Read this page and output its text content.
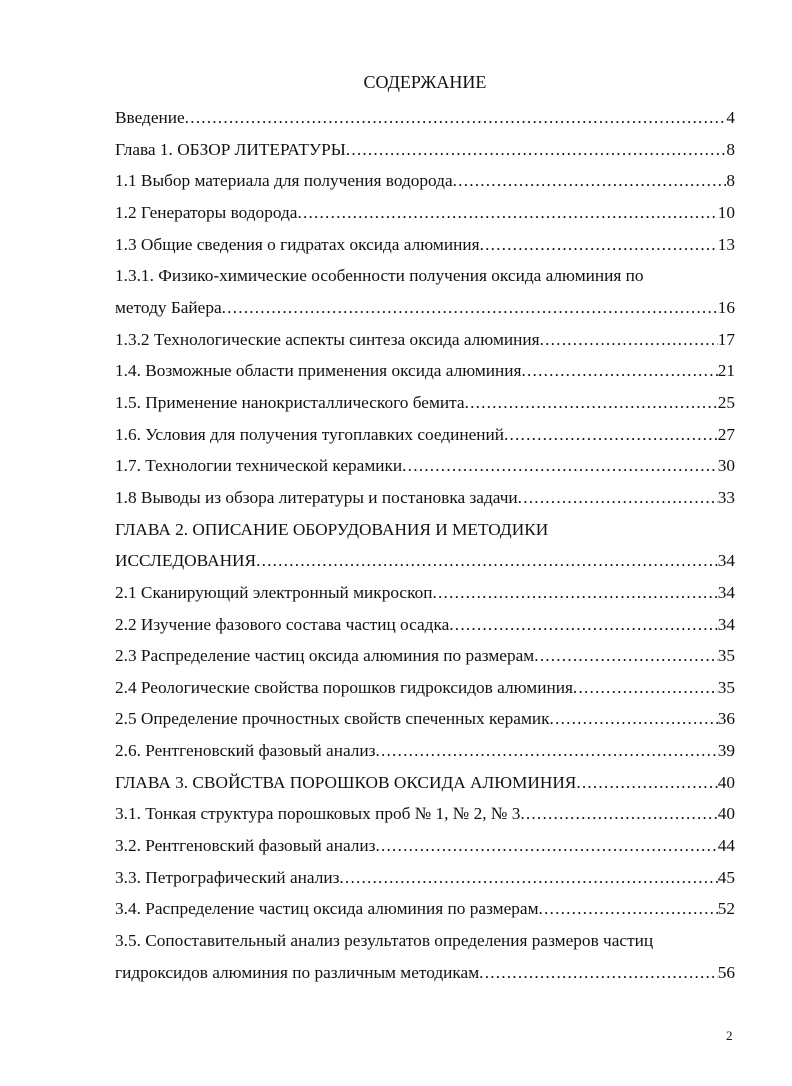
СОДЕРЖАНИЕ
Введение .....	4
Глава 1. ОБЗОР ЛИТЕРАТУРЫ .....	8
1.1 Выбор материала для получения водорода .....	8
1.2 Генераторы водорода .....	10
1.3 Общие сведения о гидратах оксида алюминия .....	13
1.3.1. Физико-химические особенности получения оксида алюминия по
методу Байера .....	16
1.3.2 Технологические аспекты синтеза оксида алюминия .....	17
1.4. Возможные области применения оксида алюминия .....	21
1.5. Применение нанокристаллического бемита .....	25
1.6. Условия для получения тугоплавких соединений .....	27
1.7. Технологии технической керамики .....	30
1.8 Выводы из обзора литературы и постановка задачи .....	33
ГЛАВА 2. ОПИСАНИЕ ОБОРУДОВАНИЯ И МЕТОДИКИ
ИССЛЕДОВАНИЯ .....	34
2.1 Сканирующий электронный микроскоп .....	34
2.2 Изучение фазового состава частиц осадка .....	34
2.3 Распределение частиц оксида алюминия по размерам .....	35
2.4 Реологические свойства порошков гидроксидов алюминия .....	35
2.5 Определение прочностных свойств спеченных керамик .....	36
2.6. Рентгеновский фазовый анализ .....	39
ГЛАВА 3. СВОЙСТВА ПОРОШКОВ ОКСИДА АЛЮМИНИЯ .....	40
3.1. Тонкая структура порошковых проб № 1, № 2, № 3 .....	40
3.2. Рентгеновский фазовый анализ .....	44
3.3. Петрографический анализ .....	45
3.4. Распределение частиц оксида алюминия по размерам .....	52
3.5. Сопоставительный анализ результатов определения размеров частиц
гидроксидов алюминия по различным методикам .....	56
2
